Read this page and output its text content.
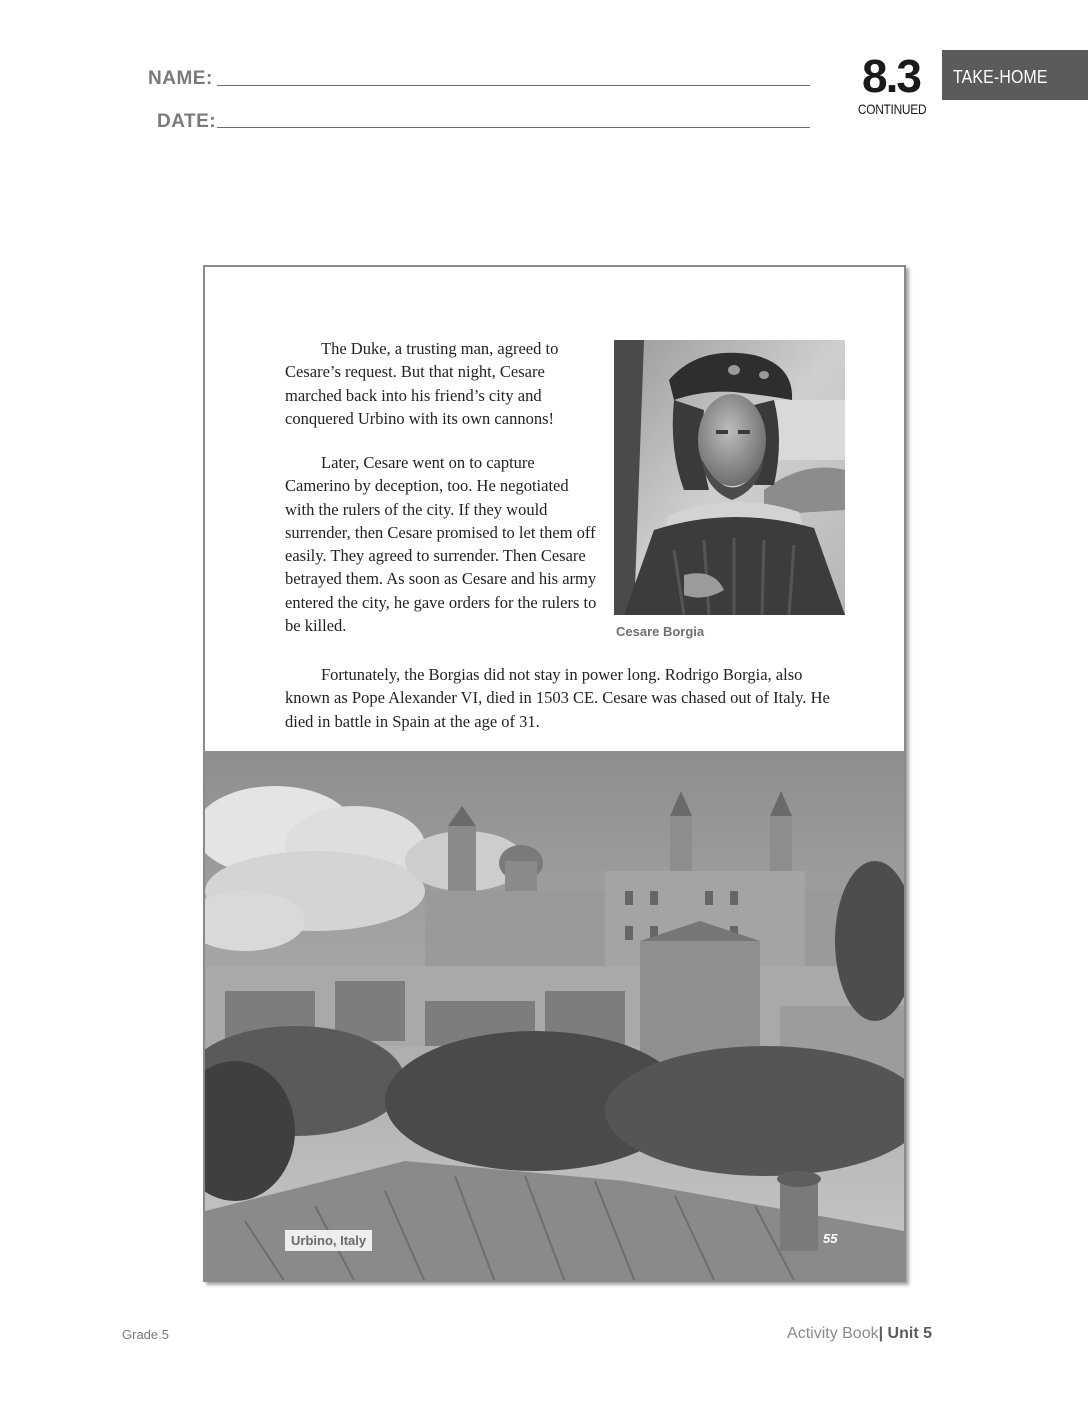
NAME:
DATE:
8.3
CONTINUED
TAKE-HOME

The Duke, a trusting man, agreed to Cesare’s request. But that night, Cesare marched back into his friend’s city and conquered Urbino with its own cannons!

Later, Cesare went on to capture Camerino by deception, too. He negotiated with the rulers of the city. If they would surrender, then Cesare promised to let them off easily. They agreed to surrender. Then Cesare betrayed them. As soon as Cesare and his army entered the city, he gave orders for the rulers to be killed.	Cesare Borgia

Fortunately, the Borgias did not stay in power long. Rodrigo Borgia, also known as Pope Alexander VI, died in 1503 CE. Cesare was chased out of Italy. He died in battle in Spain at the age of 31.

Urbino, Italy	55
Grade 5	Activity Book| Unit 5
